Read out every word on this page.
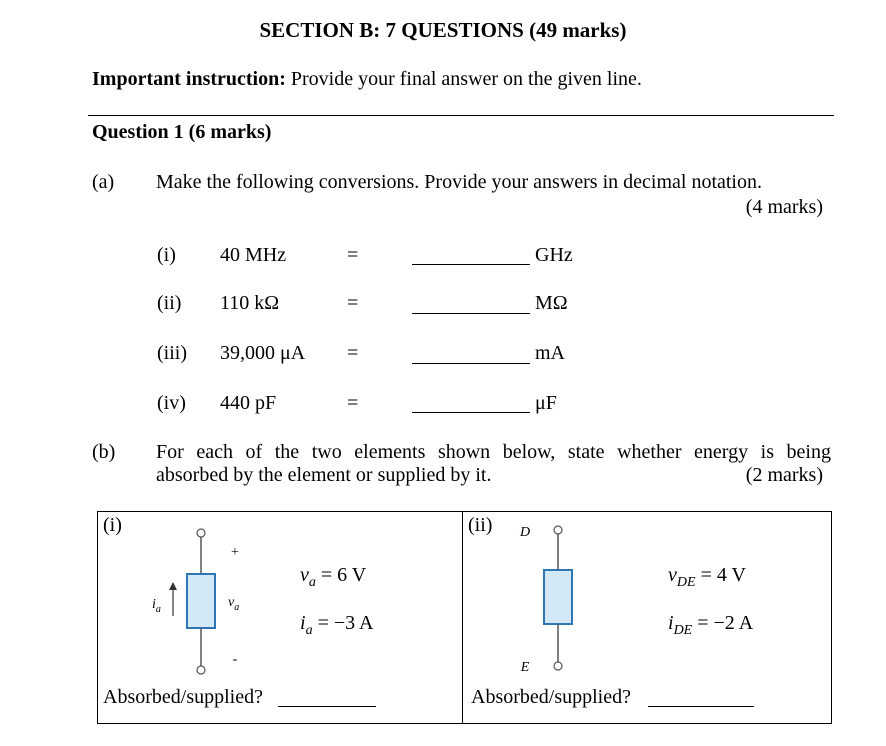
SECTION B: 7 QUESTIONS (49 marks)
Important instruction: Provide your final answer on the given line.
Question 1 (6 marks)
(a) Make the following conversions. Provide your answers in decimal notation.
(4 marks)
(i) 40 MHz	=	GHz
(ii) 110 kΩ	=	MΩ
(iii) 39,000 μA =	mA
(iv) 440 pF	=	μF
(b) For each of the two elements shown below, state whether energy is being
absorbed by the element or supplied by it.	(2 marks)
(i)
+
-
$v_a$
$i_a$
$v_a = 6$ V
$i_a = -3$ A
Absorbed/supplied?
(ii) D
E
$v_{DE} = 4$ V
$i_{DE} = -2$ A
Absorbed/supplied?
